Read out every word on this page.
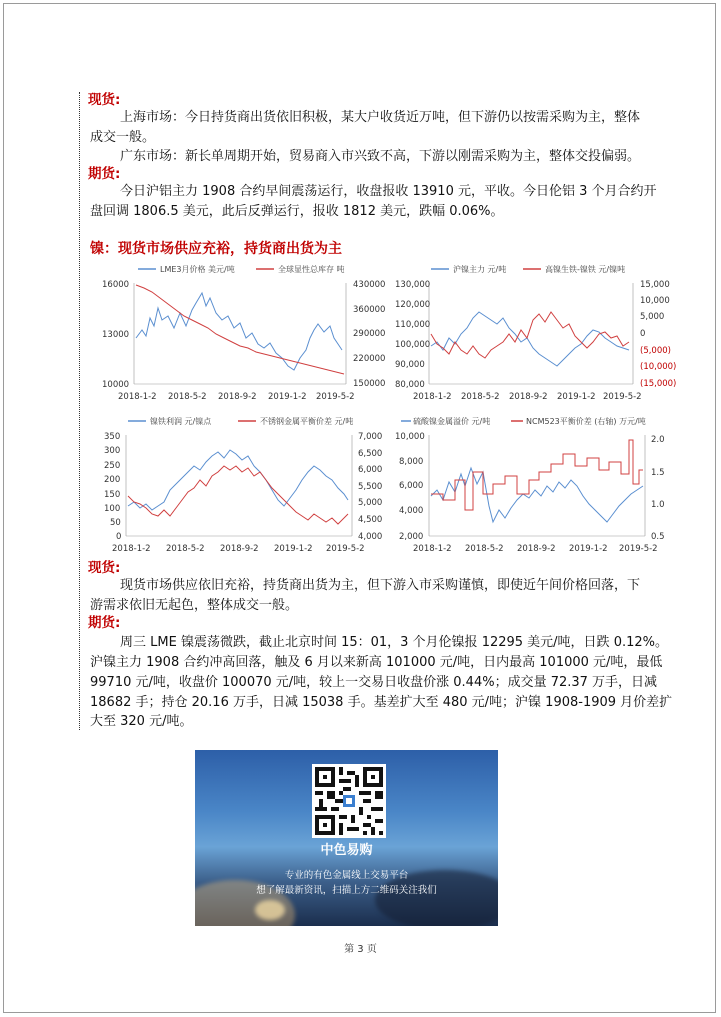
现货:
上海市场：今日持货商出货依旧积极，某大户收货近万吨，但下游仍以按需采购为主，整体
成交一般。
广东市场：新长单周期开始，贸易商入市兴致不高，下游以刚需采购为主，整体交投偏弱。
期货:
今日沪铝主力 1908 合约早间震荡运行，收盘报收 13910 元，平收。今日伦铝 3 个月合约开
盘回调 1806.5 美元，此后反弹运行，报收 1812 美元，跌幅 0.06%。
镍：现货市场供应充裕，持货商出货为主
LME3月价格 美元/吨	全球显性总库存 吨
16000
13000
10000
430000
360000
290000
220000
150000
2018-1-2 2018-5-2 2018-9-2 2019-1-2 2019-5-2
沪镍主力 元/吨	高镍生铁-镍铁 元/镍吨
130,000
120,000
110,000
100,000
90,000
80,000
15,000
10,000
5,000
0
(5,000)
(10,000)
(15,000)
2018-1-2 2018-5-2 2018-9-2 2019-1-2 2019-5-2
镍铁利润 元/镍点	不锈钢金属平衡价差 元/吨
350
300
250
200
150
100
50
0
7,000
6,500
6,000
5,500
5,000
4,500
4,000
2018-1-2 2018-5-2 2018-9-2 2019-1-2 2019-5-2
硫酸镍金属溢价 元/吨	NCM523平衡价差 (右轴) 万元/吨
10,000
8,000
6,000
4,000
2,000
2.0
1.5
1.0
0.5
2018-1-2 2018-5-2 2018-9-2 2019-1-2 2019-5-2
现货:
现货市场供应依旧充裕，持货商出货为主，但下游入市采购谨慎，即使近午间价格回落，下
游需求依旧无起色，整体成交一般。
期货:
周三 LME 镍震荡微跌，截止北京时间 15：01，3 个月伦镍报 12295 美元/吨，日跌 0.12%。
沪镍主力 1908 合约冲高回落，触及 6 月以来新高 101000 元/吨，日内最高 101000 元/吨，最低
99710 元/吨，收盘价 100070 元/吨，较上一交易日收盘价涨 0.44%；成交量 72.37 万手，日减
18682 手；持仓 20.16 万手，日减 15038 手。基差扩大至 480 元/吨；沪镍 1908-1909 月价差扩
大至 320 元/吨。
中色易购
专业的有色金属线上交易平台
想了解最新资讯，扫描上方二维码关注我们
第 3 页
